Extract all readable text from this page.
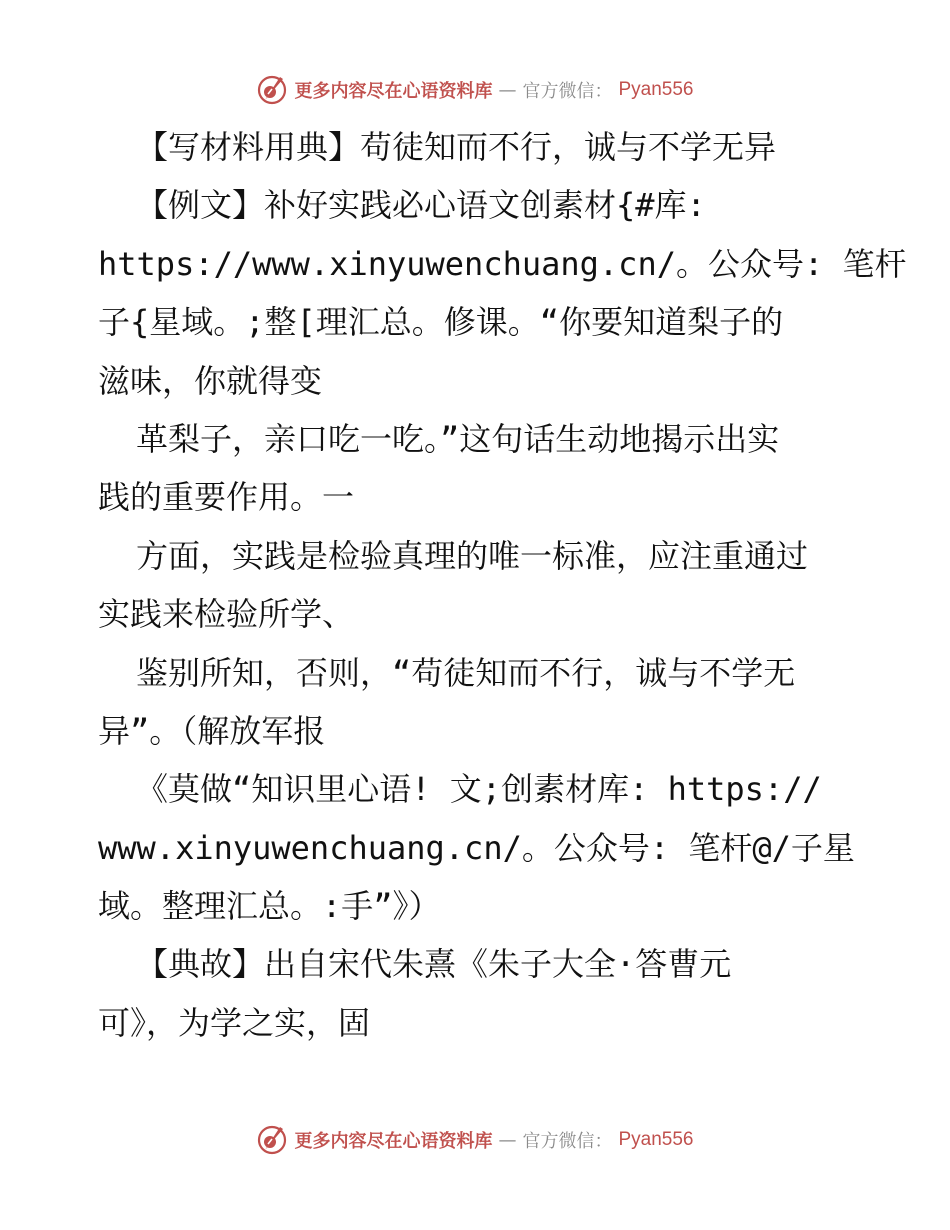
更多内容尽在心语资料库 — 官方微信： Pyan556
【写材料用典】苟徒知而不行，诚与不学无异
【例文】补好实践必心语文创素材{#库:
https://www.xinyuwenchuang.cn/。公众号: 笔杆
子{星域。;整[理汇总。修课。“你要知道梨子的
滋味，你就得变
革梨子，亲口吃一吃。”这句话生动地揭示出实
践的重要作用。一
方面，实践是检验真理的唯一标准，应注重通过
实践来检验所学、
鉴别所知，否则，“苟徒知而不行，诚与不学无
异”。（解放军报
《莫做“知识里心语! 文;创素材库: https://
www.xinyuwenchuang.cn/。公众号: 笔杆@/子星
域。整理汇总。:手”》）
【典故】出自宋代朱熹《朱子大全·答曹元
可》，为学之实，固
更多内容尽在心语资料库 — 官方微信： Pyan556
